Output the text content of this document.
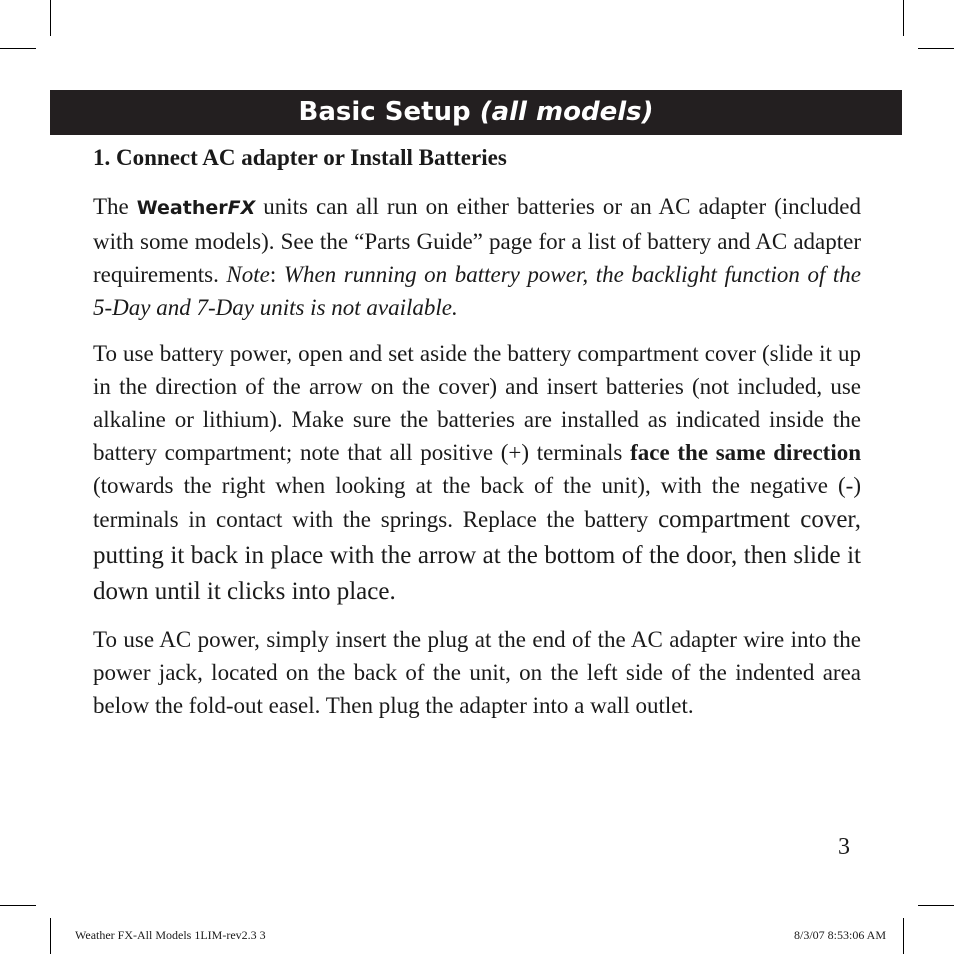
Basic Setup (all models)
1. Connect AC adapter or Install Batteries

The WeatherFX units can all run on either batteries or an AC adapter (included with some models). See the “Parts Guide” page for a list of battery and AC adapter requirements. Note: When running on battery power, the backlight function of the 5-Day and 7-Day units is not available.

To use battery power, open and set aside the battery compartment cover (slide it up in the direction of the arrow on the cover) and insert batteries (not included, use alkaline or lithium). Make sure the batteries are installed as indicated inside the battery compartment; note that all positive (+) terminals face the same direction (towards the right when looking at the back of the unit), with the negative (-) terminals in contact with the springs. Replace the battery compartment cover, putting it back in place with the arrow at the bottom of the door, then slide it down until it clicks into place.

To use AC power, simply insert the plug at the end of the AC adapter wire into the power jack, located on the back of the unit, on the left side of the indented area below the fold-out easel. Then plug the adapter into a wall outlet.

3
Weather FX-All Models 1LIM-rev2.3 3	8/3/07 8:53:06 AM
